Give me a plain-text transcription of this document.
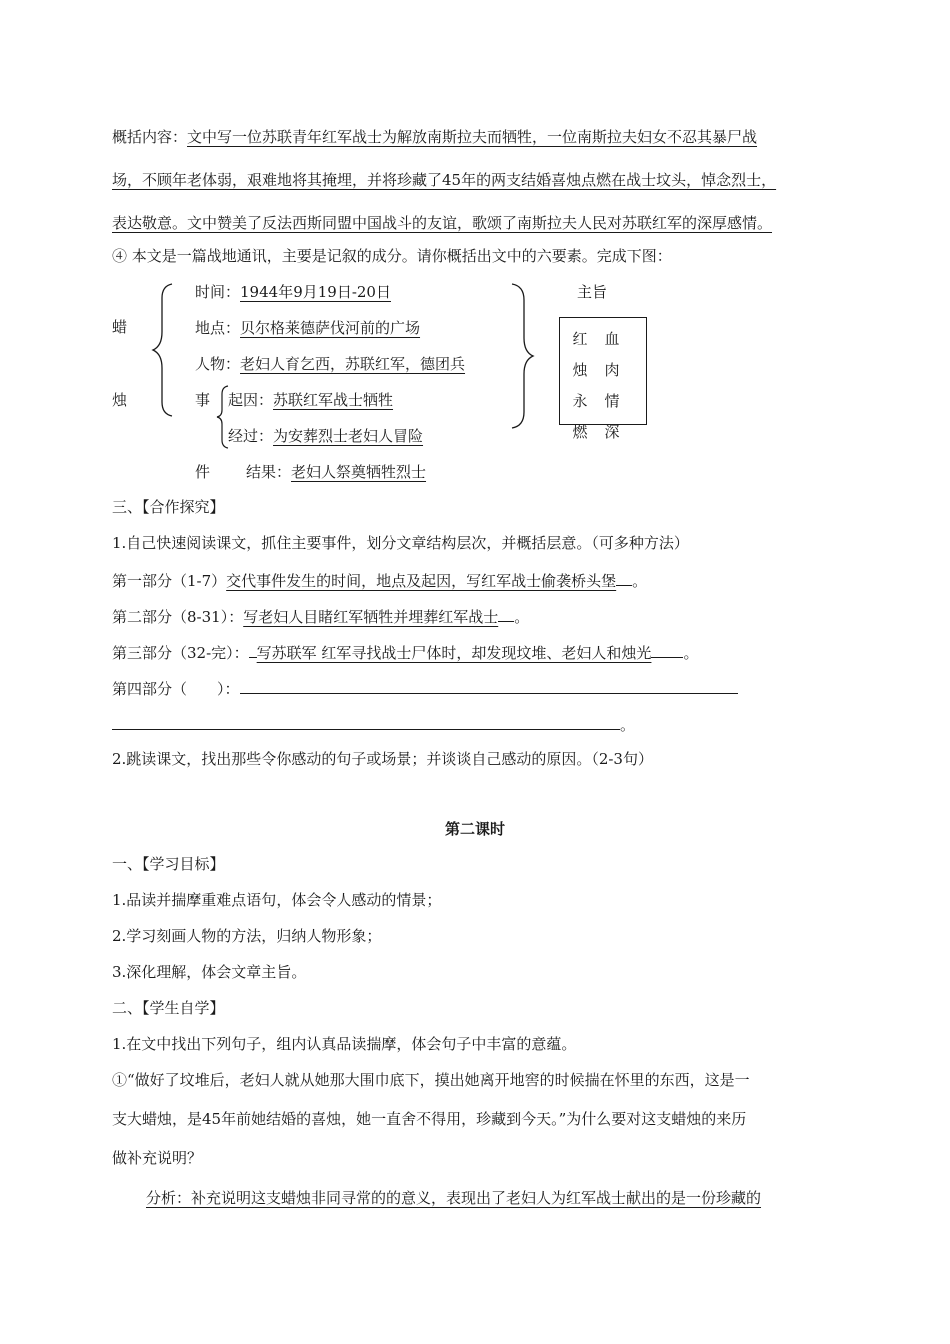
概括内容：文中写一位苏联青年红军战士为解放南斯拉夫而牺牲，一位南斯拉夫妇女不忍其暴尸战
场，不顾年老体弱，艰难地将其掩埋，并将珍藏了45年的两支结婚喜烛点燃在战士坟头，悼念烈士，
表达敬意。文中赞美了反法西斯同盟中国战斗的友谊，歌颂了南斯拉夫人民对苏联红军的深厚感情。
④ 本文是一篇战地通讯，主要是记叙的成分。请你概括出文中的六要素。完成下图：
蜡
烛
时间：1944年9月19日-20日
地点：贝尔格莱德萨伐河前的广场
人物：老妇人育乞西，苏联红军，德团兵
事
件
起因：苏联红军战士牺牲
经过：为安葬烈士老妇人冒险
结果：老妇人祭奠牺牲烈士
主旨
红
烛
永
燃
血
肉
情
深
三、【合作探究】
1.自己快速阅读课文，抓住主要事件，划分文章结构层次，并概括层意。（可多种方法）
第一部分（1-7）交代事件发生的时间，地点及起因，写红军战士偷袭桥头堡 。
第二部分（8-31）：写老妇人目睹红军牺牲并埋葬红军战士 。
第三部分（32-完）： 写苏联军 红军寻找战士尸体时，却发现坟堆、老妇人和烛光 。
第四部分（　　）：
。
2.跳读课文，找出那些令你感动的句子或场景；并谈谈自己感动的原因。（2-3句）
第二课时
一、【学习目标】
1.品读并揣摩重难点语句，体会令人感动的情景；
2.学习刻画人物的方法，归纳人物形象；
3.深化理解，体会文章主旨。
二、【学生自学】
1.在文中找出下列句子，组内认真品读揣摩，体会句子中丰富的意蕴。
①“做好了坟堆后，老妇人就从她那大围巾底下，摸出她离开地窖的时候揣在怀里的东西，这是一
支大蜡烛，是45年前她结婚的喜烛，她一直舍不得用，珍藏到今天。”为什么要对这支蜡烛的来历
做补充说明？
分析：补充说明这支蜡烛非同寻常的的意义，表现出了老妇人为红军战士献出的是一份珍藏的
